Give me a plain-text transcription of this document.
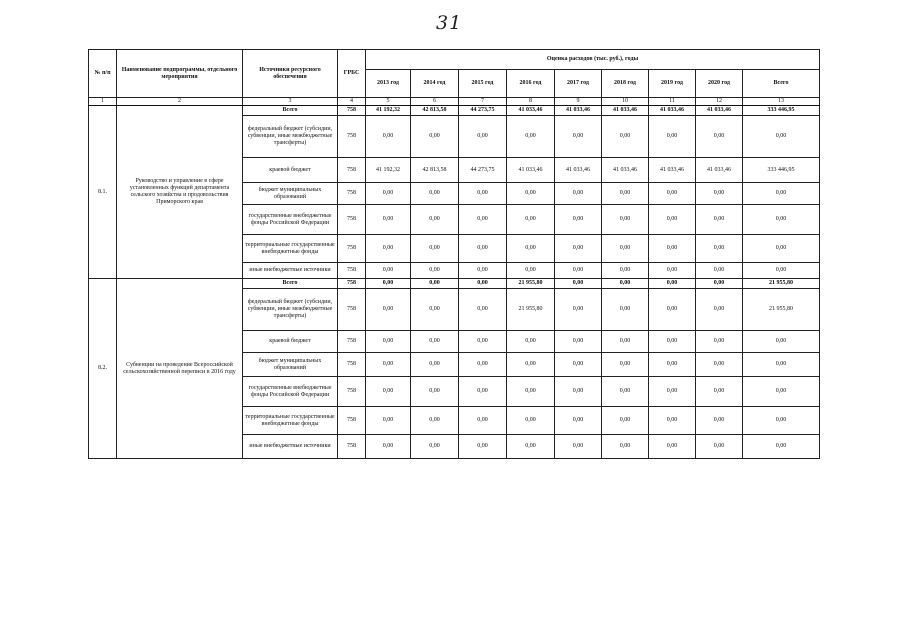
31
№ п/п	Наименование подпрограммы, отдельного мероприятия	Источники ресурсного обеспечения	ГРБС	Оценка расходов (тыс. руб.), годы								
				2013 год	2014 год	2015 год	2016 год	2017 год	2018 год	2019 год	2020 год	Всего
1	2	3	4	5	6	7	8	9	10	11	12	13
8.1.	Руководство и управление в сфере установленных функций департамента сельского хозяйства и продовольствия Приморского края	Всего	758	41 192,32	42 813,58	44 273,75	41 033,46	41 033,46	41 033,46	41 033,46	41 033,46	333 446,95
		федеральный бюджет (субсидии, субвенции, иные межбюджетные трансферты)	758	0,00	0,00	0,00	0,00	0,00	0,00	0,00	0,00	0,00
		краевой бюджет	758	41 192,32	42 813,58	44 273,75	41 033,46	41 033,46	41 033,46	41 033,46	41 033,46	333 446,95
		бюджет муниципальных образований	758	0,00	0,00	0,00	0,00	0,00	0,00	0,00	0,00	0,00
		государственные внебюджетные фонды Российской Федерации	758	0,00	0,00	0,00	0,00	0,00	0,00	0,00	0,00	0,00
		территориальные государственные внебюджетные фонды	758	0,00	0,00	0,00	0,00	0,00	0,00	0,00	0,00	0,00
		иные внебюджетные источники	758	0,00	0,00	0,00	0,00	0,00	0,00	0,00	0,00	0,00
8.2.	Субвенции на проведение Всероссийской сельскохозяйственной переписи в 2016 году	Всего	758	0,00	0,00	0,00	21 955,80	0,00	0,00	0,00	0,00	21 955,80
		федеральный бюджет (субсидии, субвенции, иные межбюджетные трансферты)	758	0,00	0,00	0,00	21 955,80	0,00	0,00	0,00	0,00	21 955,80
		краевой бюджет	758	0,00	0,00	0,00	0,00	0,00	0,00	0,00	0,00	0,00
		бюджет муниципальных образований	758	0,00	0,00	0,00	0,00	0,00	0,00	0,00	0,00	0,00
		государственные внебюджетные фонды Российской Федерации	758	0,00	0,00	0,00	0,00	0,00	0,00	0,00	0,00	0,00
		территориальные государственные внебюджетные фонды	758	0,00	0,00	0,00	0,00	0,00	0,00	0,00	0,00	0,00
		иные внебюджетные источники	758	0,00	0,00	0,00	0,00	0,00	0,00	0,00	0,00	0,00
